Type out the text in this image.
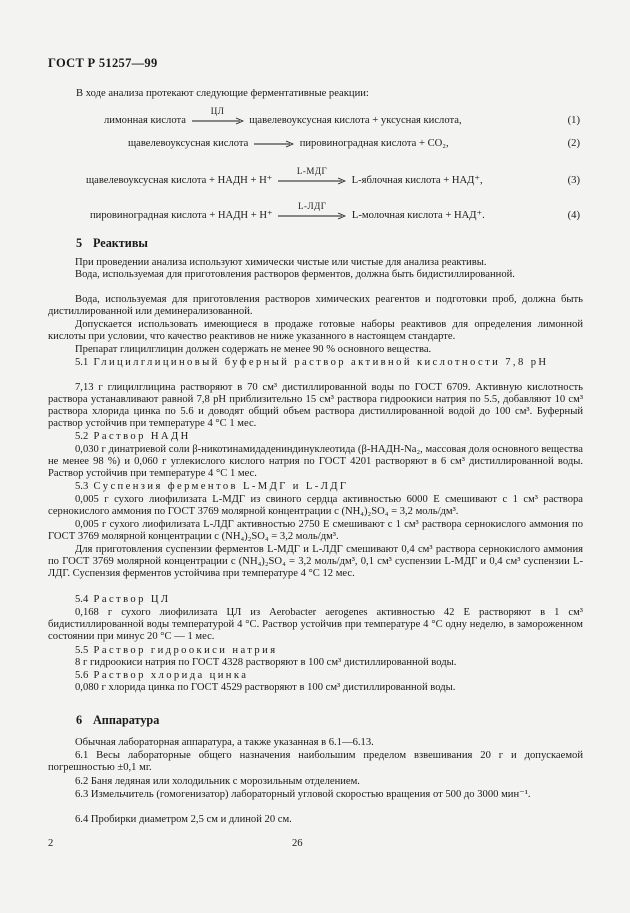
ГОСТ Р 51257—99
В ходе анализа протекают следующие ферментативные реакции:
лимонная кислота
ЦЛ
щавелевоуксусная кислота + уксусная кислота,	(1)
щавелевоуксусная кислота → пировиноградная кислота + CO₂,	(2)
щавелевоуксусная кислота + НАДН + Н⁺
L-МДГ
L-яблочная кислота + НАД⁺,	(3)
пировиноградная кислота + НАДН + Н⁺
L-ЛДГ
L-молочная кислота + НАД⁺.	(4)
5 Реактивы
При проведении анализа используют химически чистые или чистые для анализа реактивы.
Вода, используемая для приготовления растворов ферментов, должна быть бидистиллированной.
Вода, используемая для приготовления растворов химических реагентов и подготовки проб, должна быть дистиллированной или деминерализованной.
Допускается использовать имеющиеся в продаже готовые наборы реактивов для определения лимонной кислоты при условии, что качество реактивов не ниже указанного в настоящем стандарте.
Препарат глицилглицин должен содержать не менее 90 % основного вещества.
5.1 Глицилглициновый буферный раствор активной кислотности 7,8 pH
7,13 г глицилглицина растворяют в 70 см³ дистиллированной воды по ГОСТ 6709. Активную кислотность раствора устанавливают равной 7,8 pH приблизительно 15 см³ раствора гидроокиси натрия по 5.5, добавляют 10 см³ раствора хлорида цинка по 5.6 и доводят общий объем раствора дистиллированной водой до 100 см³. Буферный раствор устойчив при температуре 4 °С 1 мес.
5.2 Раствор НАДН
0,030 г динатриевой соли β-никотинамидадениндинуклеотида (β-НАДН-Na₂, массовая доля основного вещества не менее 98 %) и 0,060 г углекислого кислого натрия по ГОСТ 4201 растворяют в 6 см³ дистиллированной воды. Раствор устойчив при температуре 4 °С 1 мес.
5.3 Суспензия ферментов L-МДГ и L-ЛДГ
0,005 г сухого лиофилизата L-МДГ из свиного сердца активностью 6000 Е смешивают с 1 см³ раствора сернокислого аммония по ГОСТ 3769 молярной концентрации c (NH₄)₂SO₄ = 3,2 моль/дм³.
0,005 г сухого лиофилизата L-ЛДГ активностью 2750 Е смешивают с 1 см³ раствора сернокислого аммония по ГОСТ 3769 молярной концентрации c (NH₄)₂SO₄ = 3,2 моль/дм³.
Для приготовления суспензии ферментов L-МДГ и L-ЛДГ смешивают 0,4 см³ раствора сернокислого аммония по ГОСТ 3769 молярной концентрации c (NH₄)₂SO₄ = 3,2 моль/дм³, 0,1 см³ суспензии L-МДГ и 0,4 см³ суспензии L-ЛДГ. Суспензия ферментов устойчива при температуре 4 °С 12 мес.
5.4 Раствор ЦЛ
0,168 г сухого лиофилизата ЦЛ из Aerobacter aerogenes активностью 42 Е растворяют в 1 см³ бидистиллированной воды температурой 4 °С. Раствор устойчив при температуре 4 °С одну неделю, в замороженном состоянии при минус 20 °С — 1 мес.
5.5 Раствор гидроокиси натрия
8 г гидроокиси натрия по ГОСТ 4328 растворяют в 100 см³ дистиллированной воды.
5.6 Раствор хлорида цинка
0,080 г хлорида цинка по ГОСТ 4529 растворяют в 100 см³ дистиллированной воды.
6 Аппаратура
Обычная лабораторная аппаратура, а также указанная в 6.1—6.13.
6.1 Весы лабораторные общего назначения наибольшим пределом взвешивания 20 г и допускаемой погрешностью ±0,1 мг.
6.2 Баня ледяная или холодильник с морозильным отделением.
6.3 Измельчитель (гомогенизатор) лабораторный угловой скоростью вращения от 500 до 3000 мин⁻¹.
6.4 Пробирки диаметром 2,5 см и длиной 20 см.
2	26
